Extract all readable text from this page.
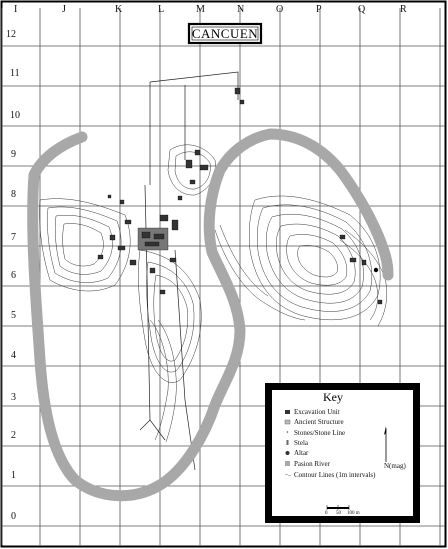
I	J	K	L	M	N	O	P	Q	R
12
11
10
9
8
7
6
5
4
3
2
1
0
CANCUEN
Key
Excavation Unit
Ancient Structure
Stones/Stone Line
Stela
Altar
Pasion River
Contour Lines (1m intervals)
N(mag)
0 50 100 m
